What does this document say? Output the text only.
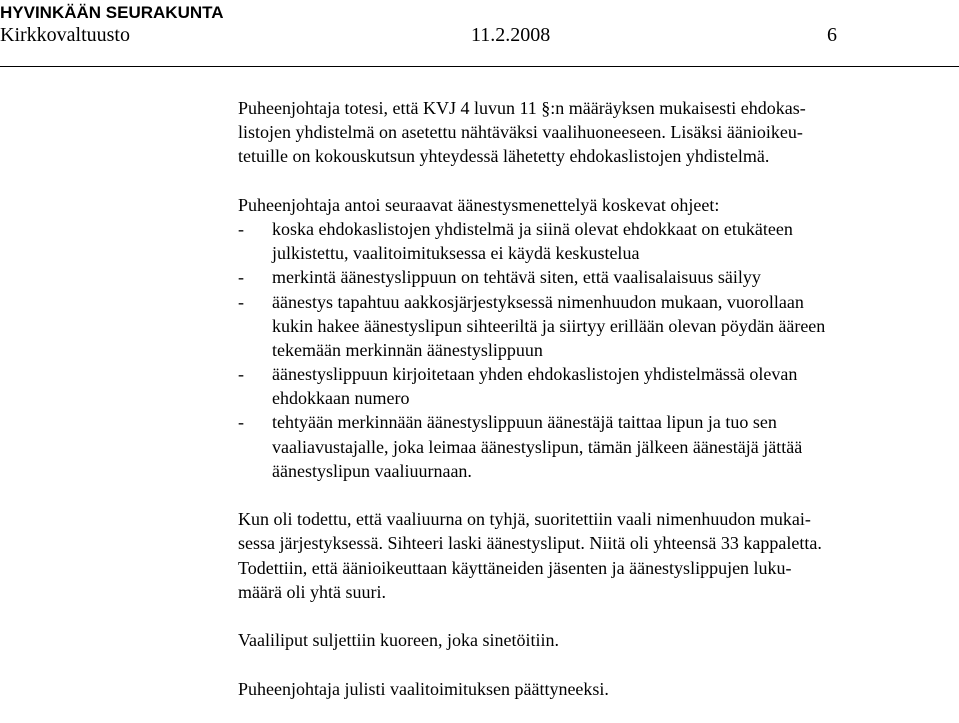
HYVINKÄÄN SEURAKUNTA
Kirkkovaltuusto	11.2.2008	6
Puheenjohtaja totesi, että KVJ 4 luvun 11 §:n määräyksen mukaisesti ehdokas-
listojen yhdistelmä on asetettu nähtäväksi vaalihuoneeseen. Lisäksi äänioikeu-
tetuille on kokouskutsun yhteydessä lähetetty ehdokaslistojen yhdistelmä.
Puheenjohtaja antoi seuraavat äänestysmenettelyä koskevat ohjeet:
- koska ehdokaslistojen yhdistelmä ja siinä olevat ehdokkaat on etukäteen
julkistettu, vaalitoimituksessa ei käydä keskustelua
- merkintä äänestyslippuun on tehtävä siten, että vaalisalaisuus säilyy
- äänestys tapahtuu aakkosjärjestyksessä nimenhuudon mukaan, vuorollaan
kukin hakee äänestyslipun sihteeriltä ja siirtyy erillään olevan pöydän ääreen
tekemään merkinnän äänestyslippuun
- äänestyslippuun kirjoitetaan yhden ehdokaslistojen yhdistelmässä olevan
ehdokkaan numero
- tehtyään merkinnään äänestyslippuun äänestäjä taittaa lipun ja tuo sen
vaaliavustajalle, joka leimaa äänestyslipun, tämän jälkeen äänestäjä jättää
äänestyslipun vaaliuurnaan.
Kun oli todettu, että vaaliuurna on tyhjä, suoritettiin vaali nimenhuudon mukai-
sessa järjestyksessä. Sihteeri laski äänestysliput. Niitä oli yhteensä 33 kappaletta.
Todettiin, että äänioikeuttaan käyttäneiden jäsenten ja äänestyslippujen luku-
määrä oli yhtä suuri.
Vaaliliput suljettiin kuoreen, joka sinetöitiin.
Puheenjohtaja julisti vaalitoimituksen päättyneeksi.
